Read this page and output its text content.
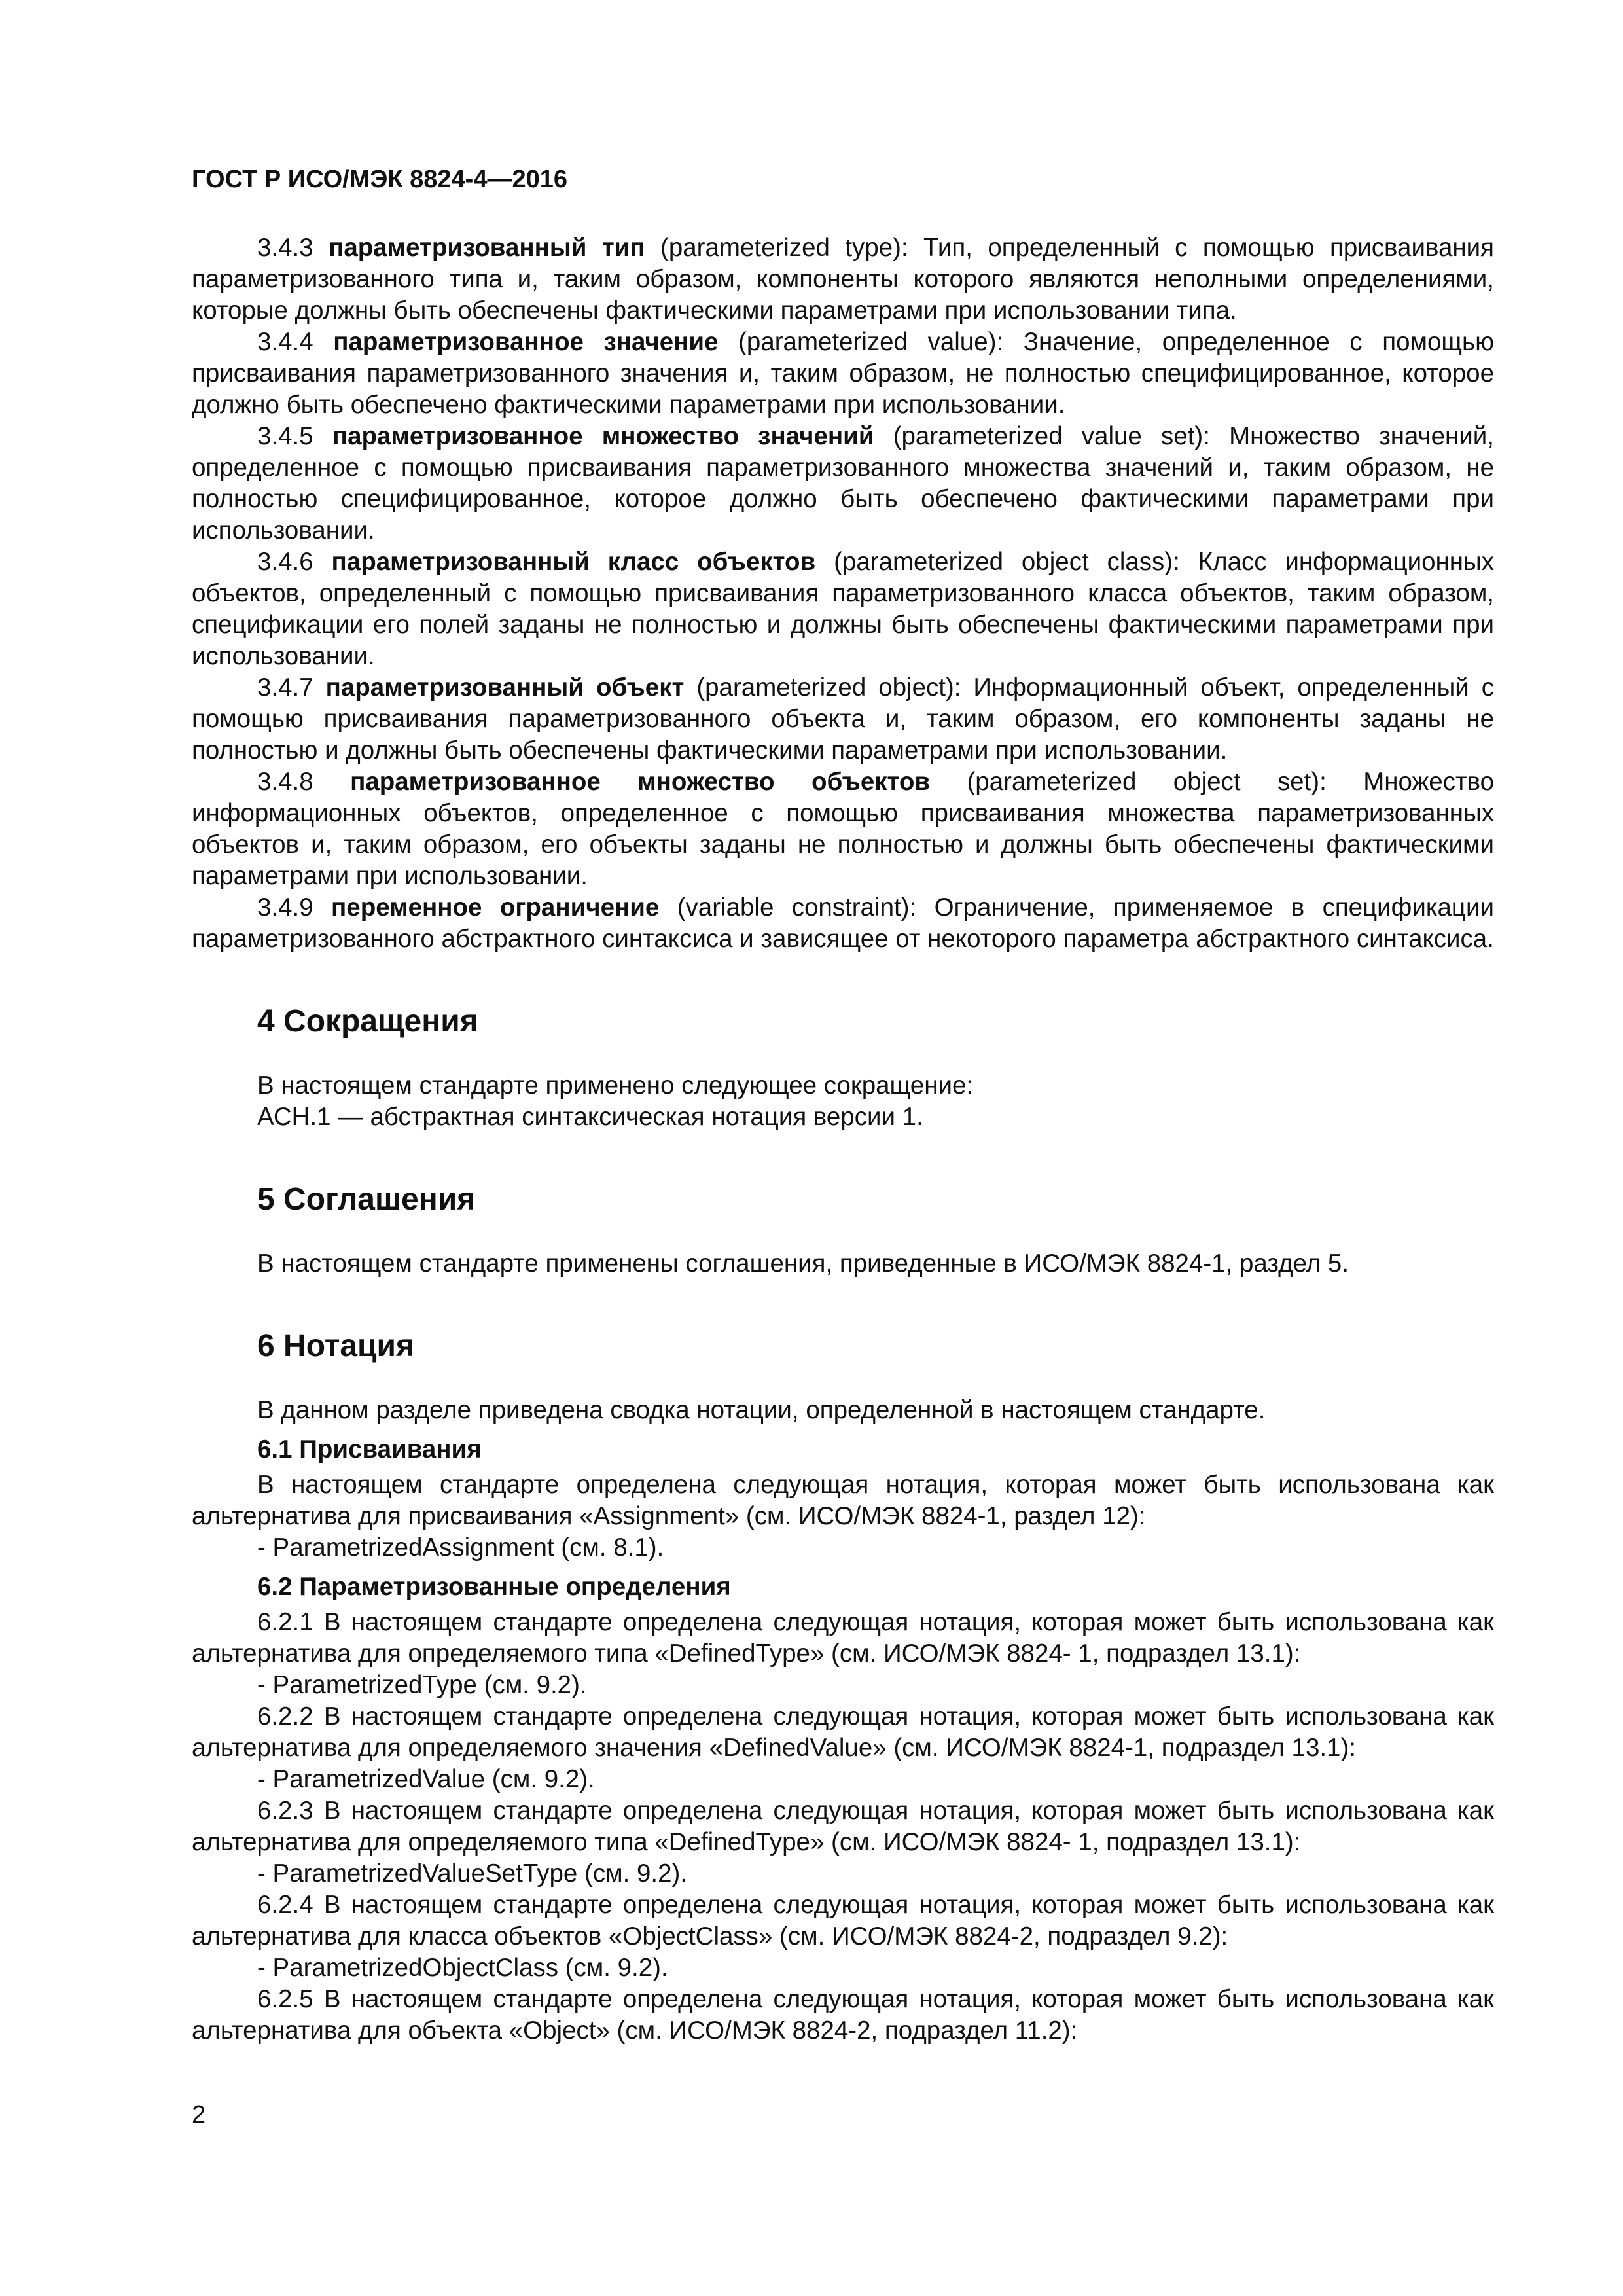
ГОСТ Р ИСО/МЭК 8824-4—2016

3.4.3 параметризованный тип (parameterized type): Тип, определенный с помощью присваивания параметризованного типа и, таким образом, компоненты которого являются неполными определениями, которые должны быть обеспечены фактическими параметрами при использовании типа.

3.4.4 параметризованное значение (parameterized value): Значение, определенное с помощью присваивания параметризованного значения и, таким образом, не полностью специфицированное, которое должно быть обеспечено фактическими параметрами при использовании.

3.4.5 параметризованное множество значений (parameterized value set): Множество значений, определенное с помощью присваивания параметризованного множества значений и, таким образом, не полностью специфицированное, которое должно быть обеспечено фактическими параметрами при использовании.

3.4.6 параметризованный класс объектов (parameterized object class): Класс информационных объектов, определенный с помощью присваивания параметризованного класса объектов, таким образом, спецификации его полей заданы не полностью и должны быть обеспечены фактическими параметрами при использовании.

3.4.7 параметризованный объект (parameterized object): Информационный объект, определенный с помощью присваивания параметризованного объекта и, таким образом, его компоненты заданы не полностью и должны быть обеспечены фактическими параметрами при использовании.

3.4.8 параметризованное множество объектов (parameterized object set): Множество информационных объектов, определенное с помощью присваивания множества параметризованных объектов и, таким образом, его объекты заданы не полностью и должны быть обеспечены фактическими параметрами при использовании.

3.4.9 переменное ограничение (variable constraint): Ограничение, применяемое в спецификации параметризованного абстрактного синтаксиса и зависящее от некоторого параметра абстрактного синтаксиса.

4 Сокращения

В настоящем стандарте применено следующее сокращение:

АСН.1 — абстрактная синтаксическая нотация версии 1.

5 Соглашения

В настоящем стандарте применены соглашения, приведенные в ИСО/МЭК 8824-1, раздел 5.

6 Нотация

В данном разделе приведена сводка нотации, определенной в настоящем стандарте.

6.1 Присваивания

В настоящем стандарте определена следующая нотация, которая может быть использована как альтернатива для присваивания «Assignment» (см. ИСО/МЭК 8824-1, раздел 12):

- ParametrizedAssignment (см. 8.1).

6.2 Параметризованные определения

6.2.1 В настоящем стандарте определена следующая нотация, которая может быть использована как альтернатива для определяемого типа «DefinedType» (см. ИСО/МЭК 8824- 1, подраздел 13.1):

- ParametrizedType (см. 9.2).

6.2.2 В настоящем стандарте определена следующая нотация, которая может быть использована как альтернатива для определяемого значения «DefinedValue» (см. ИСО/МЭК 8824-1, подраздел 13.1):

- ParametrizedValue (см. 9.2).

6.2.3 В настоящем стандарте определена следующая нотация, которая может быть использована как альтернатива для определяемого типа «DefinedType» (см. ИСО/МЭК 8824- 1, подраздел 13.1):

- ParametrizedValueSetType (см. 9.2).

6.2.4 В настоящем стандарте определена следующая нотация, которая может быть использована как альтернатива для класса объектов «ObjectClass» (см. ИСО/МЭК 8824-2, подраздел 9.2):

- ParametrizedObjectClass (см. 9.2).

6.2.5 В настоящем стандарте определена следующая нотация, которая может быть использована как альтернатива для объекта «Object» (см. ИСО/МЭК 8824-2, подраздел 11.2):

2
